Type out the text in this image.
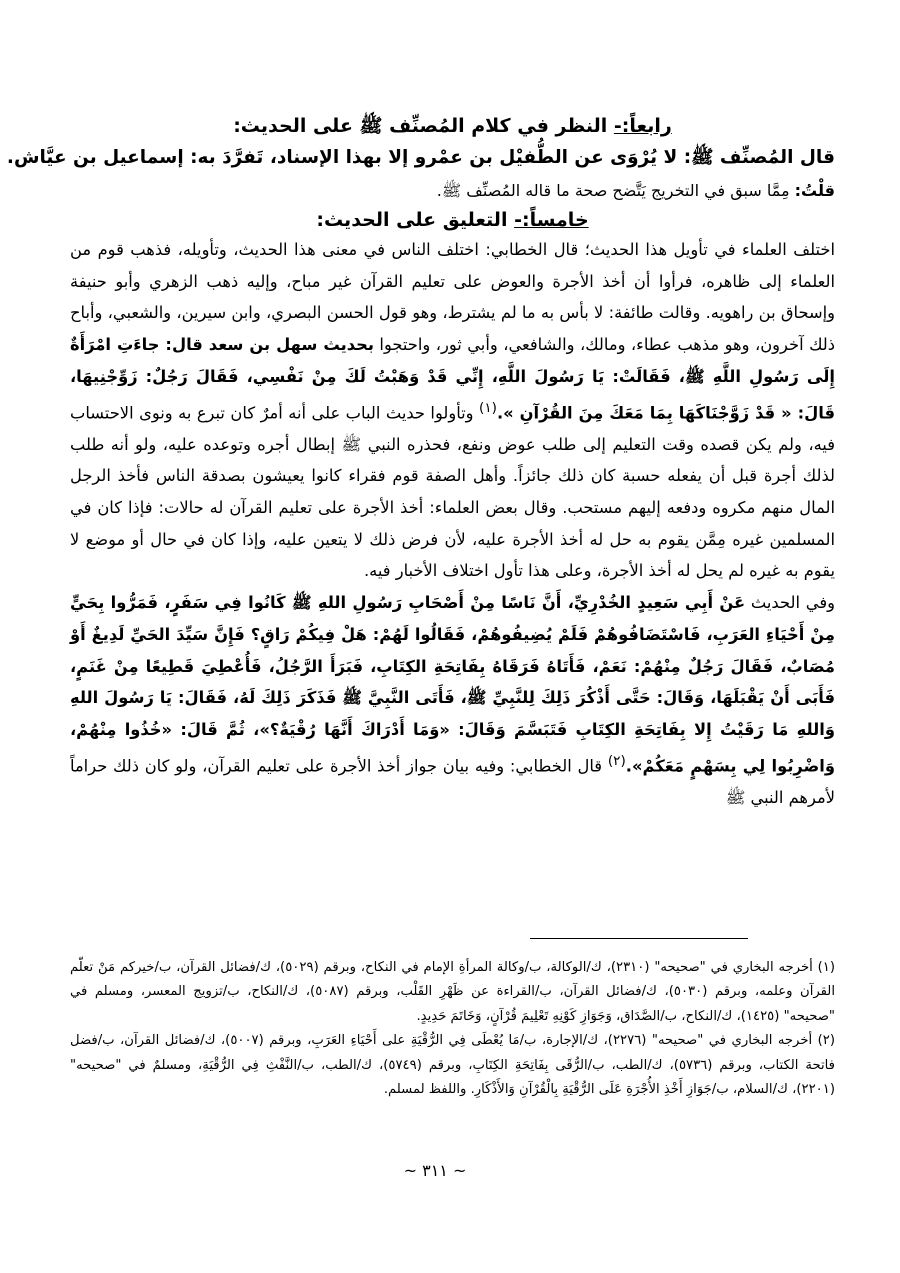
رابعاً:- النظر في كلام المُصنِّف ﷺ على الحديث:

قال المُصنِّف ﷺ: لا يُرْوَى عن الطُّفيْل بن عمْرو إلا بهذا الإسناد، تَفرَّدَ به: إسماعيل بن عيَّاش.

قلْتُ: مِمَّا سبق في التخريج يَتَّضح صحة ما قاله المُصنِّف ﷺ.

خامساً:- التعليق على الحديث:

اختلف العلماء في تأويل هذا الحديث؛ قال الخطابي: اختلف الناس في معنى هذا الحديث، وتأويله، فذهب قوم من العلماء إلى ظاهره، فرأوا أن أخذ الأجرة والعوض على تعليم القرآن غير مباح، وإليه ذهب الزهري وأبو حنيفة وإسحاق بن راهويه. وقالت طائفة: لا بأس به ما لم يشترط، وهو قول الحسن البصري، وابن سيرين، والشعبي، وأباح ذلك آخرون، وهو مذهب عطاء، ومالك، والشافعي، وأبي ثور، واحتجوا بحديث سهل بن سعد قال: جاءَتِ امْرَأَةٌ إِلَى رَسُولِ اللَّهِ ﷺ، فَقَالَتْ: يَا رَسُولَ اللَّهِ، إِنِّي قَدْ وَهَبْتُ لَكَ مِنْ نَفْسِي، فَقَالَ رَجُلٌ: زَوِّجْنِيهَا، قَالَ: « قَدْ زَوَّجْنَاكَهَا بِمَا مَعَكَ مِنَ القُرْآنِ ».$^{(١)}$ وتأولوا حديث الباب على أنه أمرٌ كان تبرع به ونوى الاحتساب فيه، ولم يكن قصده وقت التعليم إلى طلب عوض ونفع، فحذره النبي ﷺ إبطال أجره وتوعده عليه، ولو أنه طلب لذلك أجرة قبل أن يفعله حسبة كان ذلك جائزاً. وأهل الصفة قوم فقراء كانوا يعيشون بصدقة الناس فأخذ الرجل المال منهم مكروه ودفعه إليهم مستحب. وقال بعض العلماء: أخذ الأجرة على تعليم القرآن له حالات: فإذا كان في المسلمين غيره مِمَّن يقوم به حل له أخذ الأجرة عليه، لأن فرض ذلك لا يتعين عليه، وإذا كان في حال أو موضع لا يقوم به غيره لم يحل له أخذ الأجرة، وعلى هذا تأول اختلاف الأخبار فيه.

وفي الحديث عَنْ أَبِي سَعِيدٍ الخُدْرِيِّ، أَنَّ نَاسًا مِنْ أَصْحَابِ رَسُولِ اللهِ ﷺ كَانُوا فِي سَفَرٍ، فَمَرُّوا بِحَيٍّ مِنْ أَحْيَاءِ العَرَبِ، فَاسْتَضَافُوهُمْ فَلَمْ يُضِيفُوهُمْ، فَقَالُوا لَهُمْ: هَلْ فِيكُمْ رَاقٍ؟ فَإِنَّ سَيِّدَ الحَيِّ لَدِيغٌ أَوْ مُصَابٌ، فَقَالَ رَجُلٌ مِنْهُمْ: نَعَمْ، فَأَتَاهُ فَرَقَاهُ بِفَاتِحَةِ الكِتَابِ، فَبَرَأَ الرَّجُلُ، فَأُعْطِيَ قَطِيعًا مِنْ غَنَمٍ، فَأَبَى أَنْ يَقْبَلَهَا، وَقَالَ: حَتَّى أَذْكُرَ ذَلِكَ لِلنَّبِيِّ ﷺ، فَأَتَى النَّبِيَّ ﷺ فَذَكَرَ ذَلِكَ لَهُ، فَقَالَ: يَا رَسُولَ اللهِ وَاللهِ مَا رَقَيْتُ إِلا بِفَاتِحَةِ الكِتَابِ فَتَبَسَّمَ وَقَالَ: «وَمَا أَدْرَاكَ أَنَّهَا رُقْيَةٌ؟»، ثُمَّ قَالَ: «خُذُوا مِنْهُمْ، وَاضْرِبُوا لِي بِسَهْمٍ مَعَكُمْ».$^{(٢)}$ قال الخطابي: وفيه بيان جواز أخذ الأجرة على تعليم القرآن، ولو كان ذلك حراماً لأمرهم النبي ﷺ

(١) أخرجه البخاري في "صحيحه" (٢٣١٠)، ك/الوكالة، ب/وكالة المرأةِ الإمام في النكاح، وبرقم (٥٠٢٩)، ك/فضائل القرآن، ب/خيركم مَنْ تعلّم القرآن وعلمه، وبرقم (٥٠٣٠)، ك/فضائل القرآن، ب/القراءة عن ظَهْرِ القَلْب، وبرقم (٥٠٨٧)، ك/النكاح، ب/تزويج المعسر، ومسلم في "صحيحه" (١٤٢٥)، ك/النكاح، ب/الصَّدَاق، وَجَوَازِ كَوْنِهِ تَعْلِيمَ قُرْآنٍ، وَخَاتَمَ حَدِيدٍ.

(٢) أخرجه البخاري في "صحيحه" (٢٢٧٦)، ك/الإجارة، ب/مَا يُعْطَى فِي الرُّقْيَةِ على أَحْيَاءِ العَرَبِ، وبرقم (٥٠٠٧)، ك/فضائل القرآن، ب/فضل فاتحة الكتاب، وبرقم (٥٧٣٦)، ك/الطب، ب/الرُّقَى بِفَاتِحَةِ الكِتَابِ، وبرقم (٥٧٤٩)، ك/الطب، ب/النَّفْثِ فِي الرُّقْيَةِ، ومسلمٌ في "صحيحه" (٢٢٠١)، ك/السلام، ب/جَوَازِ أَخْذِ الأُجْرَةِ عَلَى الرُّقْيَةِ بِالْقُرْآنِ وَالأَذْكَارِ. واللفظ لمسلم.

~ ٣١١ ~
